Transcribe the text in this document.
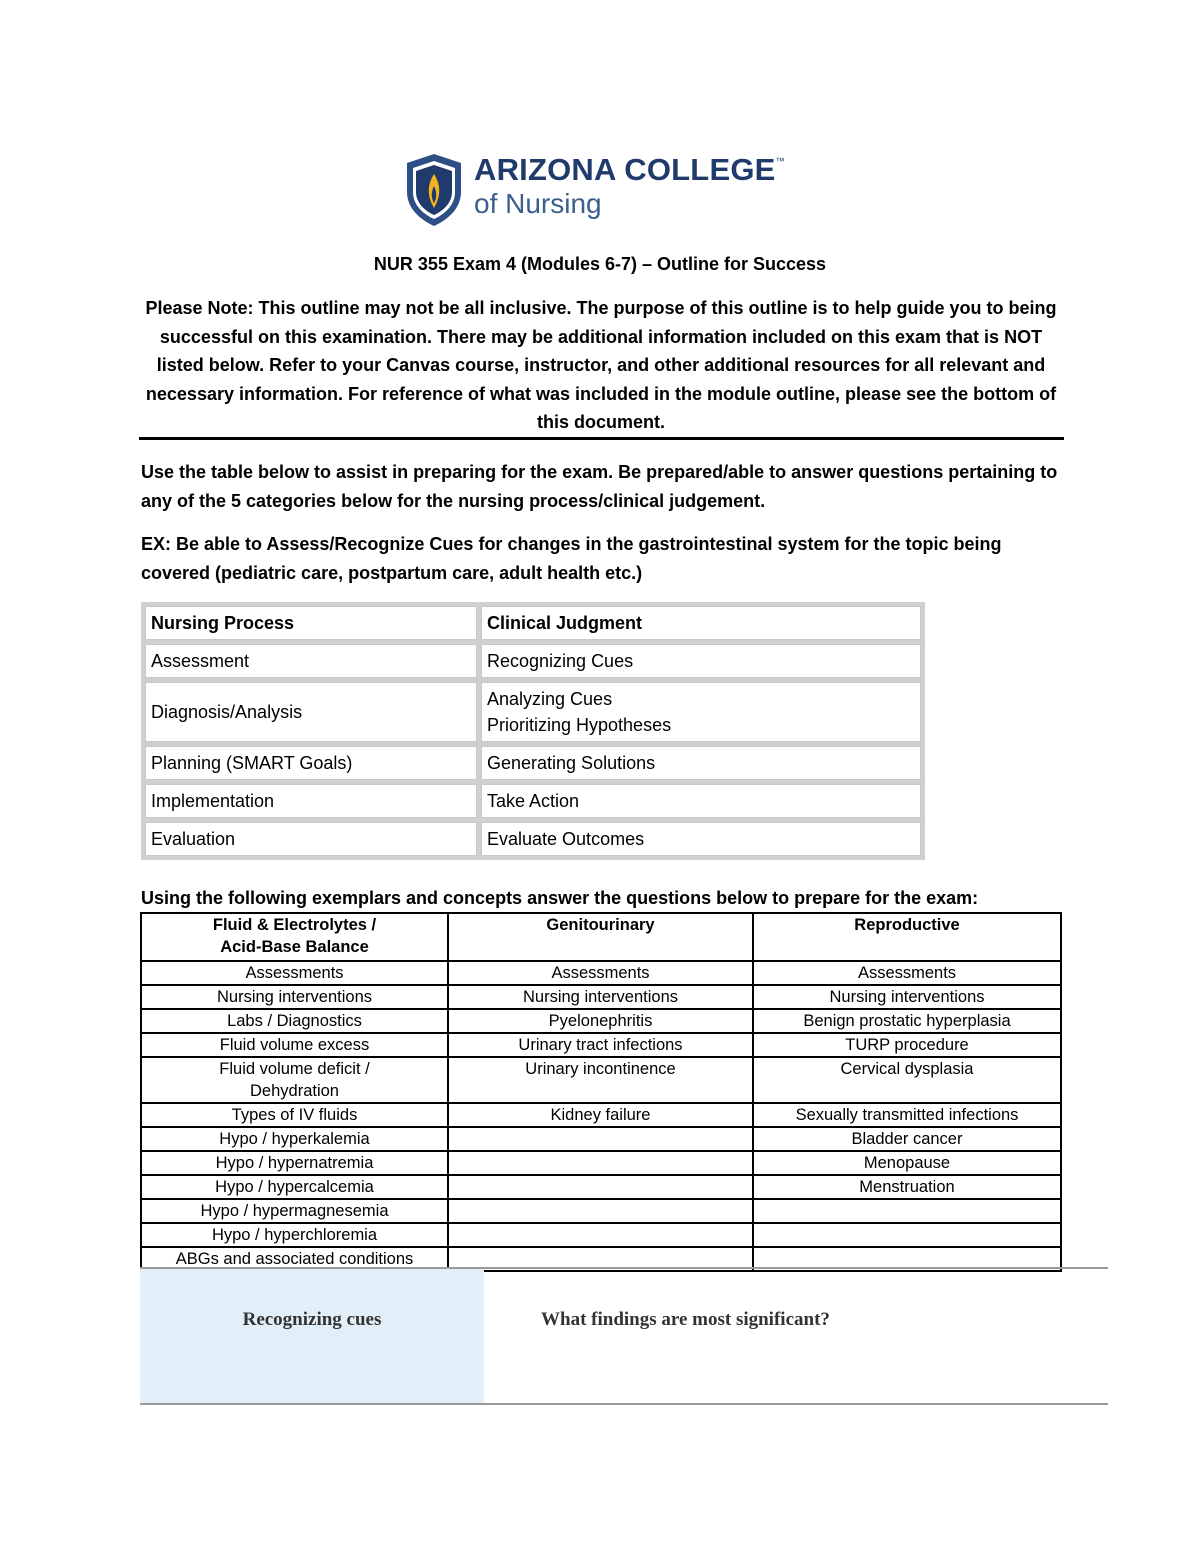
ARIZONA COLLEGE™
of Nursing
NUR 355 Exam 4 (Modules 6-7) – Outline for Success

Please Note: This outline may not be all inclusive. The purpose of this outline is to help guide you to being successful on this examination. There may be additional information included on this exam that is NOT listed below. Refer to your Canvas course, instructor, and other additional resources for all relevant and necessary information. For reference of what was included in the module outline, please see the bottom of this document.

Use the table below to assist in preparing for the exam. Be prepared/able to answer questions pertaining to any of the 5 categories below for the nursing process/clinical judgement.

EX: Be able to Assess/Recognize Cues for changes in the gastrointestinal system for the topic being covered (pediatric care, postpartum care, adult health etc.)

Nursing Process	Clinical Judgment
Assessment	Recognizing Cues
Diagnosis/Analysis	Analyzing Cues
Prioritizing Hypotheses

Planning (SMART Goals)	Generating Solutions
Implementation	Take Action
Evaluation	Evaluate Outcomes

Using the following exemplars and concepts answer the questions below to prepare for the exam:

Fluid & Electrolytes /
Acid-Base Balance	Genitourinary	Reproductive
Assessments	Assessments	Assessments
Nursing interventions	Nursing interventions	Nursing interventions
Labs / Diagnostics	Pyelonephritis	Benign prostatic hyperplasia
Fluid volume excess	Urinary tract infections	TURP procedure

Fluid volume deficit /
Dehydration	Urinary incontinence	Cervical dysplasia
Types of IV fluids	Kidney failure	Sexually transmitted infections
Hypo / hyperkalemia		Bladder cancer
Hypo / hypernatremia		Menopause
Hypo / hypercalcemia		Menstruation
Hypo / hypermagnesemia		
Hypo / hyperchloremia		
ABGs and associated conditions		
Recognizing cues	What findings are most significant?
